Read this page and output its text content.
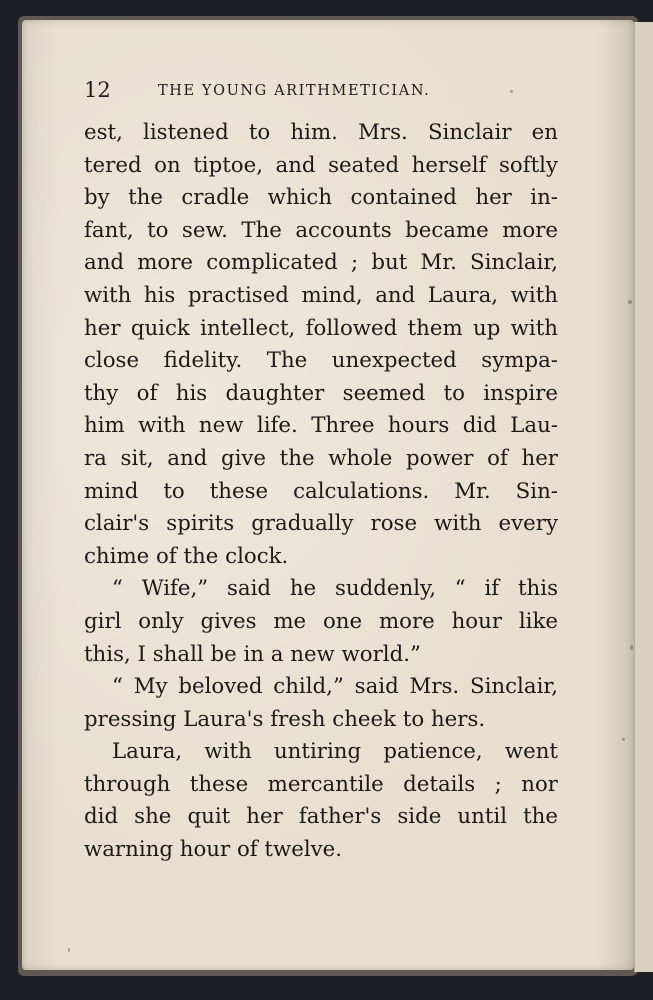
12	THE YOUNG ARITHMETICIAN.
est, listened to him. Mrs. Sinclair en
tered on tiptoe, and seated herself softly
by the cradle which contained her in-
fant, to sew. The accounts became more
and more complicated ; but Mr. Sinclair,
with his practised mind, and Laura, with
her quick intellect, followed them up with
close fidelity. The unexpected sympa-
thy of his daughter seemed to inspire
him with new life. Three hours did Lau-
ra sit, and give the whole power of her
mind to these calculations. Mr. Sin-
clair's spirits gradually rose with every
chime of the clock.
“ Wife,” said he suddenly, “ if this
girl only gives me one more hour like
this, I shall be in a new world.”
“ My beloved child,” said Mrs. Sinclair,
pressing Laura's fresh cheek to hers.
Laura, with untiring patience, went
through these mercantile details ; nor
did she quit her father's side until the
warning hour of twelve.
